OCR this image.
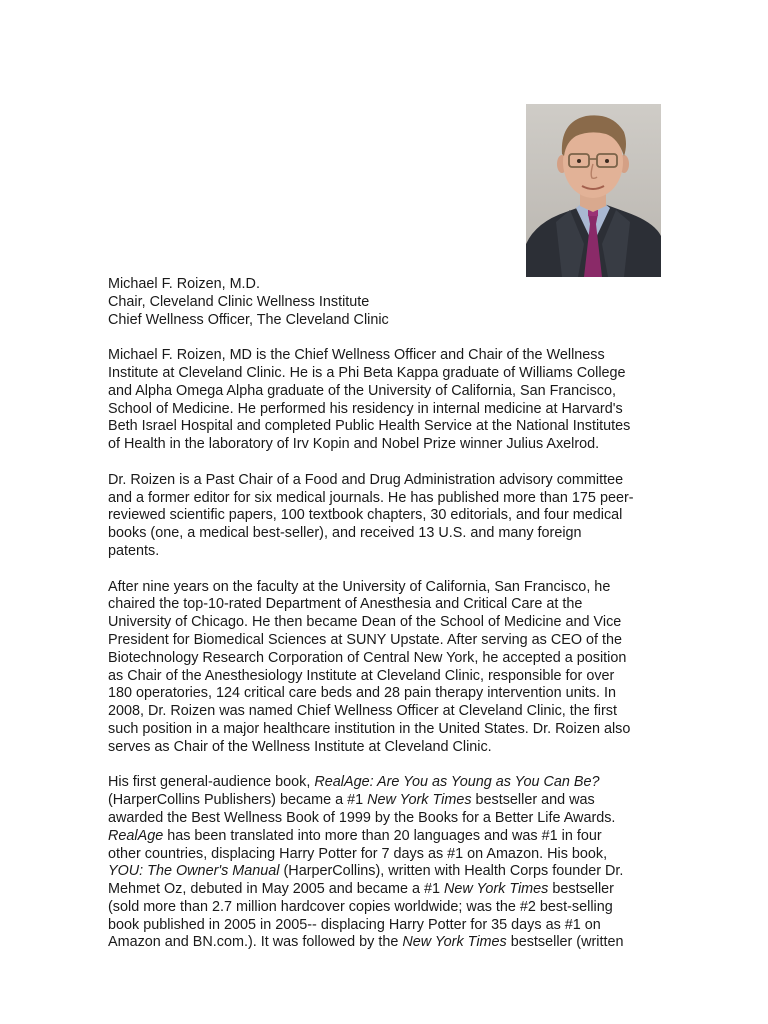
Michael F. Roizen, M.D.
Chair, Cleveland Clinic Wellness Institute
Chief Wellness Officer, The Cleveland Clinic
Michael F. Roizen, MD is the Chief Wellness Officer and Chair of the Wellness
Institute at Cleveland Clinic. He is a Phi Beta Kappa graduate of Williams College
and Alpha Omega Alpha graduate of the University of California, San Francisco,
School of Medicine. He performed his residency in internal medicine at Harvard's
Beth Israel Hospital and completed Public Health Service at the National Institutes
of Health in the laboratory of Irv Kopin and Nobel Prize winner Julius Axelrod.
Dr. Roizen is a Past Chair of a Food and Drug Administration advisory committee
and a former editor for six medical journals. He has published more than 175 peer-
reviewed scientific papers, 100 textbook chapters, 30 editorials, and four medical
books (one, a medical best-seller), and received 13 U.S. and many foreign
patents.
After nine years on the faculty at the University of California, San Francisco, he
chaired the top-10-rated Department of Anesthesia and Critical Care at the
University of Chicago. He then became Dean of the School of Medicine and Vice
President for Biomedical Sciences at SUNY Upstate. After serving as CEO of the
Biotechnology Research Corporation of Central New York, he accepted a position
as Chair of the Anesthesiology Institute at Cleveland Clinic, responsible for over
180 operatories, 124 critical care beds and 28 pain therapy intervention units. In
2008, Dr. Roizen was named Chief Wellness Officer at Cleveland Clinic, the first
such position in a major healthcare institution in the United States. Dr. Roizen also
serves as Chair of the Wellness Institute at Cleveland Clinic.
His first general-audience book, RealAge: Are You as Young as You Can Be?
(HarperCollins Publishers) became a #1 New York Times bestseller and was
awarded the Best Wellness Book of 1999 by the Books for a Better Life Awards.
RealAge has been translated into more than 20 languages and was #1 in four
other countries, displacing Harry Potter for 7 days as #1 on Amazon. His book,
YOU: The Owner's Manual (HarperCollins), written with Health Corps founder Dr.
Mehmet Oz, debuted in May 2005 and became a #1 New York Times bestseller
(sold more than 2.7 million hardcover copies worldwide; was the #2 best-selling
book published in 2005 in 2005-- displacing Harry Potter for 35 days as #1 on
Amazon and BN.com.). It was followed by the New York Times bestseller (written
